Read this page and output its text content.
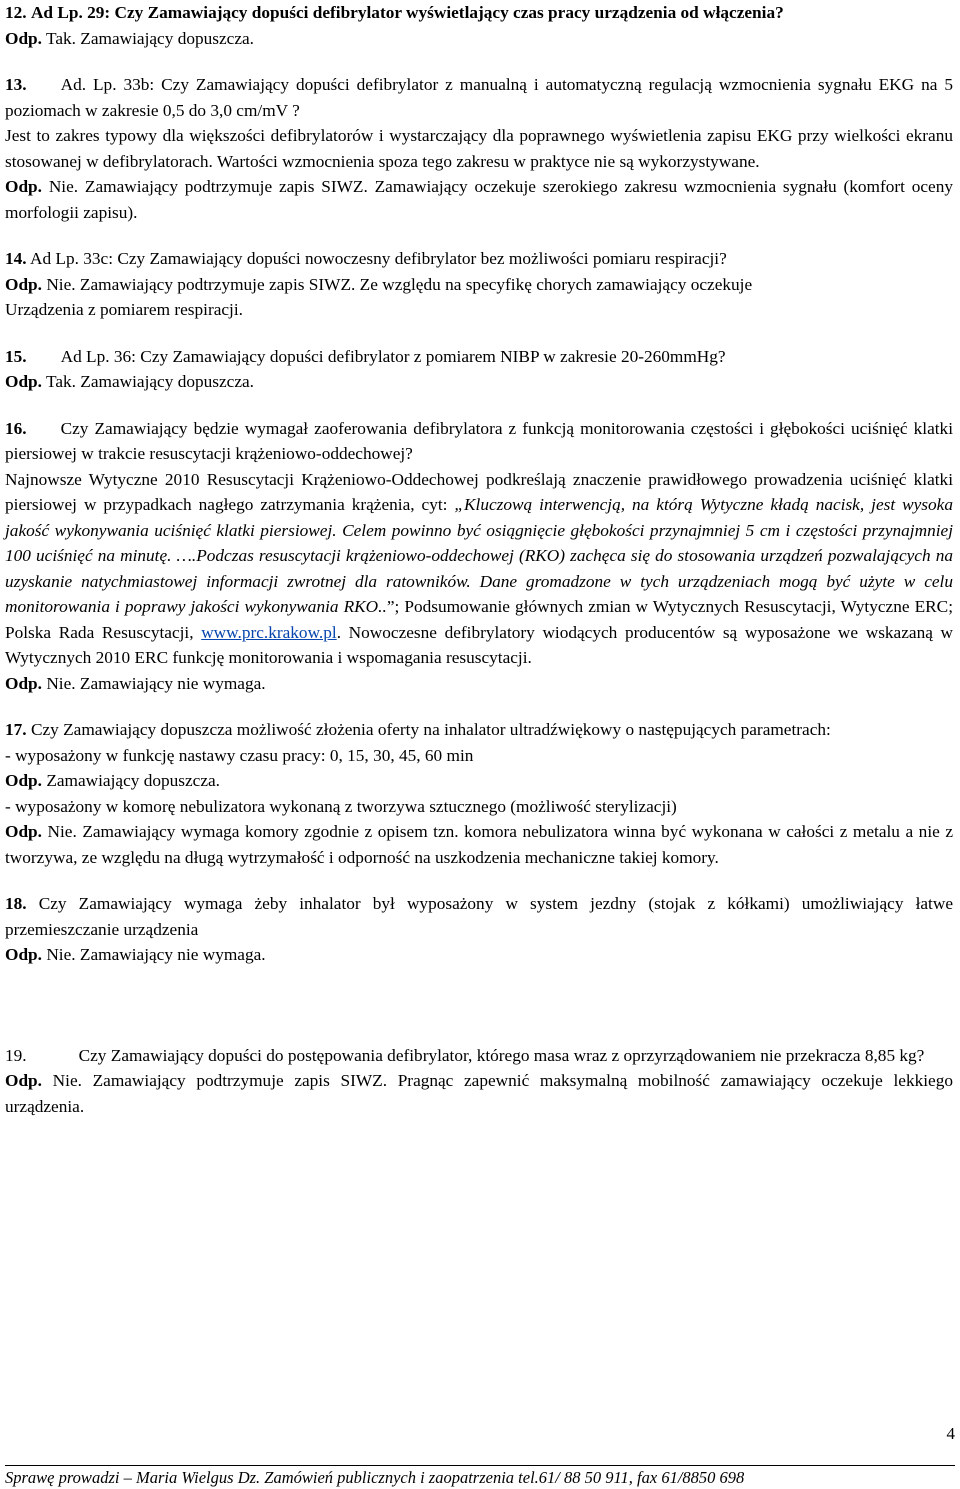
12. Ad Lp. 29: Czy Zamawiający dopuści defibrylator wyświetlający czas pracy urządzenia od włączenia?

Odp. Tak. Zamawiający dopuszcza.

13. Ad. Lp. 33b: Czy Zamawiający dopuści defibrylator z manualną i automatyczną regulacją wzmocnienia sygnału EKG na 5 poziomach w zakresie 0,5 do 3,0 cm/mV ?

Jest to zakres typowy dla większości defibrylatorów i wystarczający dla poprawnego wyświetlenia zapisu EKG przy wielkości ekranu stosowanej w defibrylatorach. Wartości wzmocnienia spoza tego zakresu w praktyce nie są wykorzystywane.

Odp. Nie. Zamawiający podtrzymuje zapis SIWZ. Zamawiający oczekuje szerokiego zakresu wzmocnienia sygnału (komfort oceny morfologii zapisu).

14. Ad Lp. 33c: Czy Zamawiający dopuści nowoczesny defibrylator bez możliwości pomiaru respiracji?

Odp. Nie. Zamawiający podtrzymuje zapis SIWZ. Ze względu na specyfikę chorych zamawiający oczekuje

Urządzenia z pomiarem respiracji.

15. Ad Lp. 36: Czy Zamawiający dopuści defibrylator z pomiarem NIBP w zakresie 20-260mmHg?

Odp. Tak. Zamawiający dopuszcza.

16. Czy Zamawiający będzie wymagał zaoferowania defibrylatora z funkcją monitorowania częstości i głębokości uciśnięć klatki piersiowej w trakcie resuscytacji krążeniowo-oddechowej?

Najnowsze Wytyczne 2010 Resuscytacji Krążeniowo-Oddechowej podkreślają znaczenie prawidłowego prowadzenia uciśnięć klatki piersiowej w przypadkach nagłego zatrzymania krążenia, cyt: „Kluczową interwencją, na którą Wytyczne kładą nacisk, jest wysoka jakość wykonywania uciśnięć klatki piersiowej. Celem powinno być osiągnięcie głębokości przynajmniej 5 cm i częstości przynajmniej 100 uciśnięć na minutę. ….Podczas resuscytacji krążeniowo-oddechowej (RKO) zachęca się do stosowania urządzeń pozwalających na uzyskanie natychmiastowej informacji zwrotnej dla ratowników. Dane gromadzone w tych urządzeniach mogą być użyte w celu monitorowania i poprawy jakości wykonywania RKO..”; Podsumowanie głównych zmian w Wytycznych Resuscytacji, Wytyczne ERC; Polska Rada Resuscytacji, www.prc.krakow.pl. Nowoczesne defibrylatory wiodących producentów są wyposażone we wskazaną w Wytycznych 2010 ERC funkcję monitorowania i wspomagania resuscytacji.

Odp. Nie. Zamawiający nie wymaga.

17. Czy Zamawiający dopuszcza możliwość złożenia oferty na inhalator ultradźwiękowy o następujących parametrach:

- wyposażony w funkcję nastawy czasu pracy: 0, 15, 30, 45, 60 min

Odp. Zamawiający dopuszcza.

- wyposażony w komorę nebulizatora wykonaną z tworzywa sztucznego (możliwość sterylizacji)

Odp. Nie. Zamawiający wymaga komory zgodnie z opisem tzn. komora nebulizatora winna być wykonana w całości z metalu a nie z tworzywa, ze względu na długą wytrzymałość i odporność na uszkodzenia mechaniczne takiej komory.

18. Czy Zamawiający wymaga żeby inhalator był wyposażony w system jezdny (stojak z kółkami) umożliwiający łatwe przemieszczanie urządzenia

Odp. Nie. Zamawiający nie wymaga.

19.	Czy Zamawiający dopuści do postępowania defibrylator, którego masa wraz z oprzyrządowaniem nie przekracza 8,85 kg?

Odp. Nie. Zamawiający podtrzymuje zapis SIWZ. Pragnąc zapewnić maksymalną mobilność zamawiający oczekuje lekkiego urządzenia.

4
Sprawę prowadzi – Maria Wielgus Dz. Zamówień publicznych i zaopatrzenia tel.61/ 88 50 911, fax 61/8850 698
